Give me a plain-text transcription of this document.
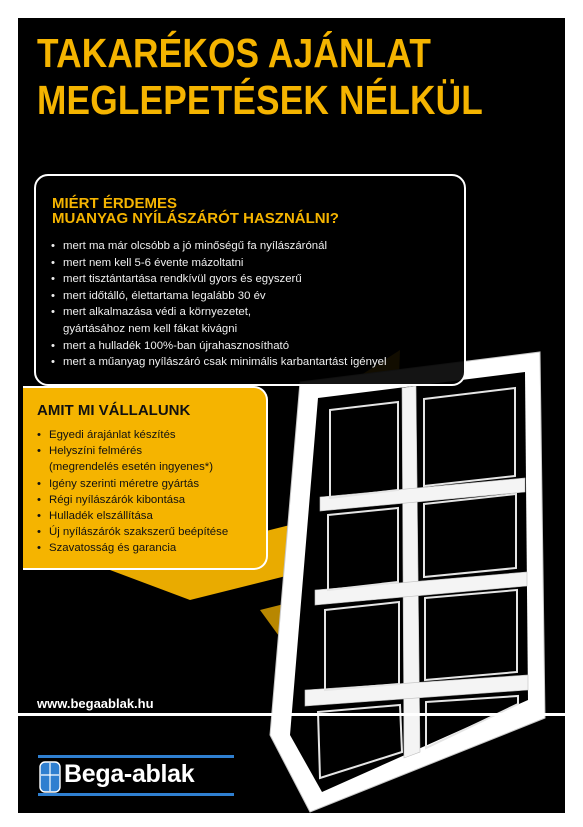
TAKARÉKOS AJÁNLAT
MEGLEPETÉSEK NÉLKÜL
MIÉRT ÉRDEMES
MUANYAG NYÍLÁSZÁRÓT HASZNÁLNI?
• mert ma már olcsóbb a jó minőségű fa nyílászárónál
• mert nem kell 5-6 évente mázoltatni
• mert tisztántartása rendkívül gyors és egyszerű
• mert időtálló, élettartama legalább 30 év
• mert alkalmazása védi a környezetet,
gyártásához nem kell fákat kivágni
• mert a hulladék 100%-ban újrahasznosítható
• mert a műanyag nyílászáró csak minimális karbantartást igényel
AMIT MI VÁLLALUNK
• Egyedi árajánlat készítés
• Helyszíni felmérés
(megrendelés esetén ingyenes*)
• Igény szerinti méretre gyártás
• Régi nyílászárók kibontása
• Hulladék elszállítása
• Új nyílászárók szakszerű beépítése
• Szavatosság és garancia

www.begaablak.hu

Bega-ablak
